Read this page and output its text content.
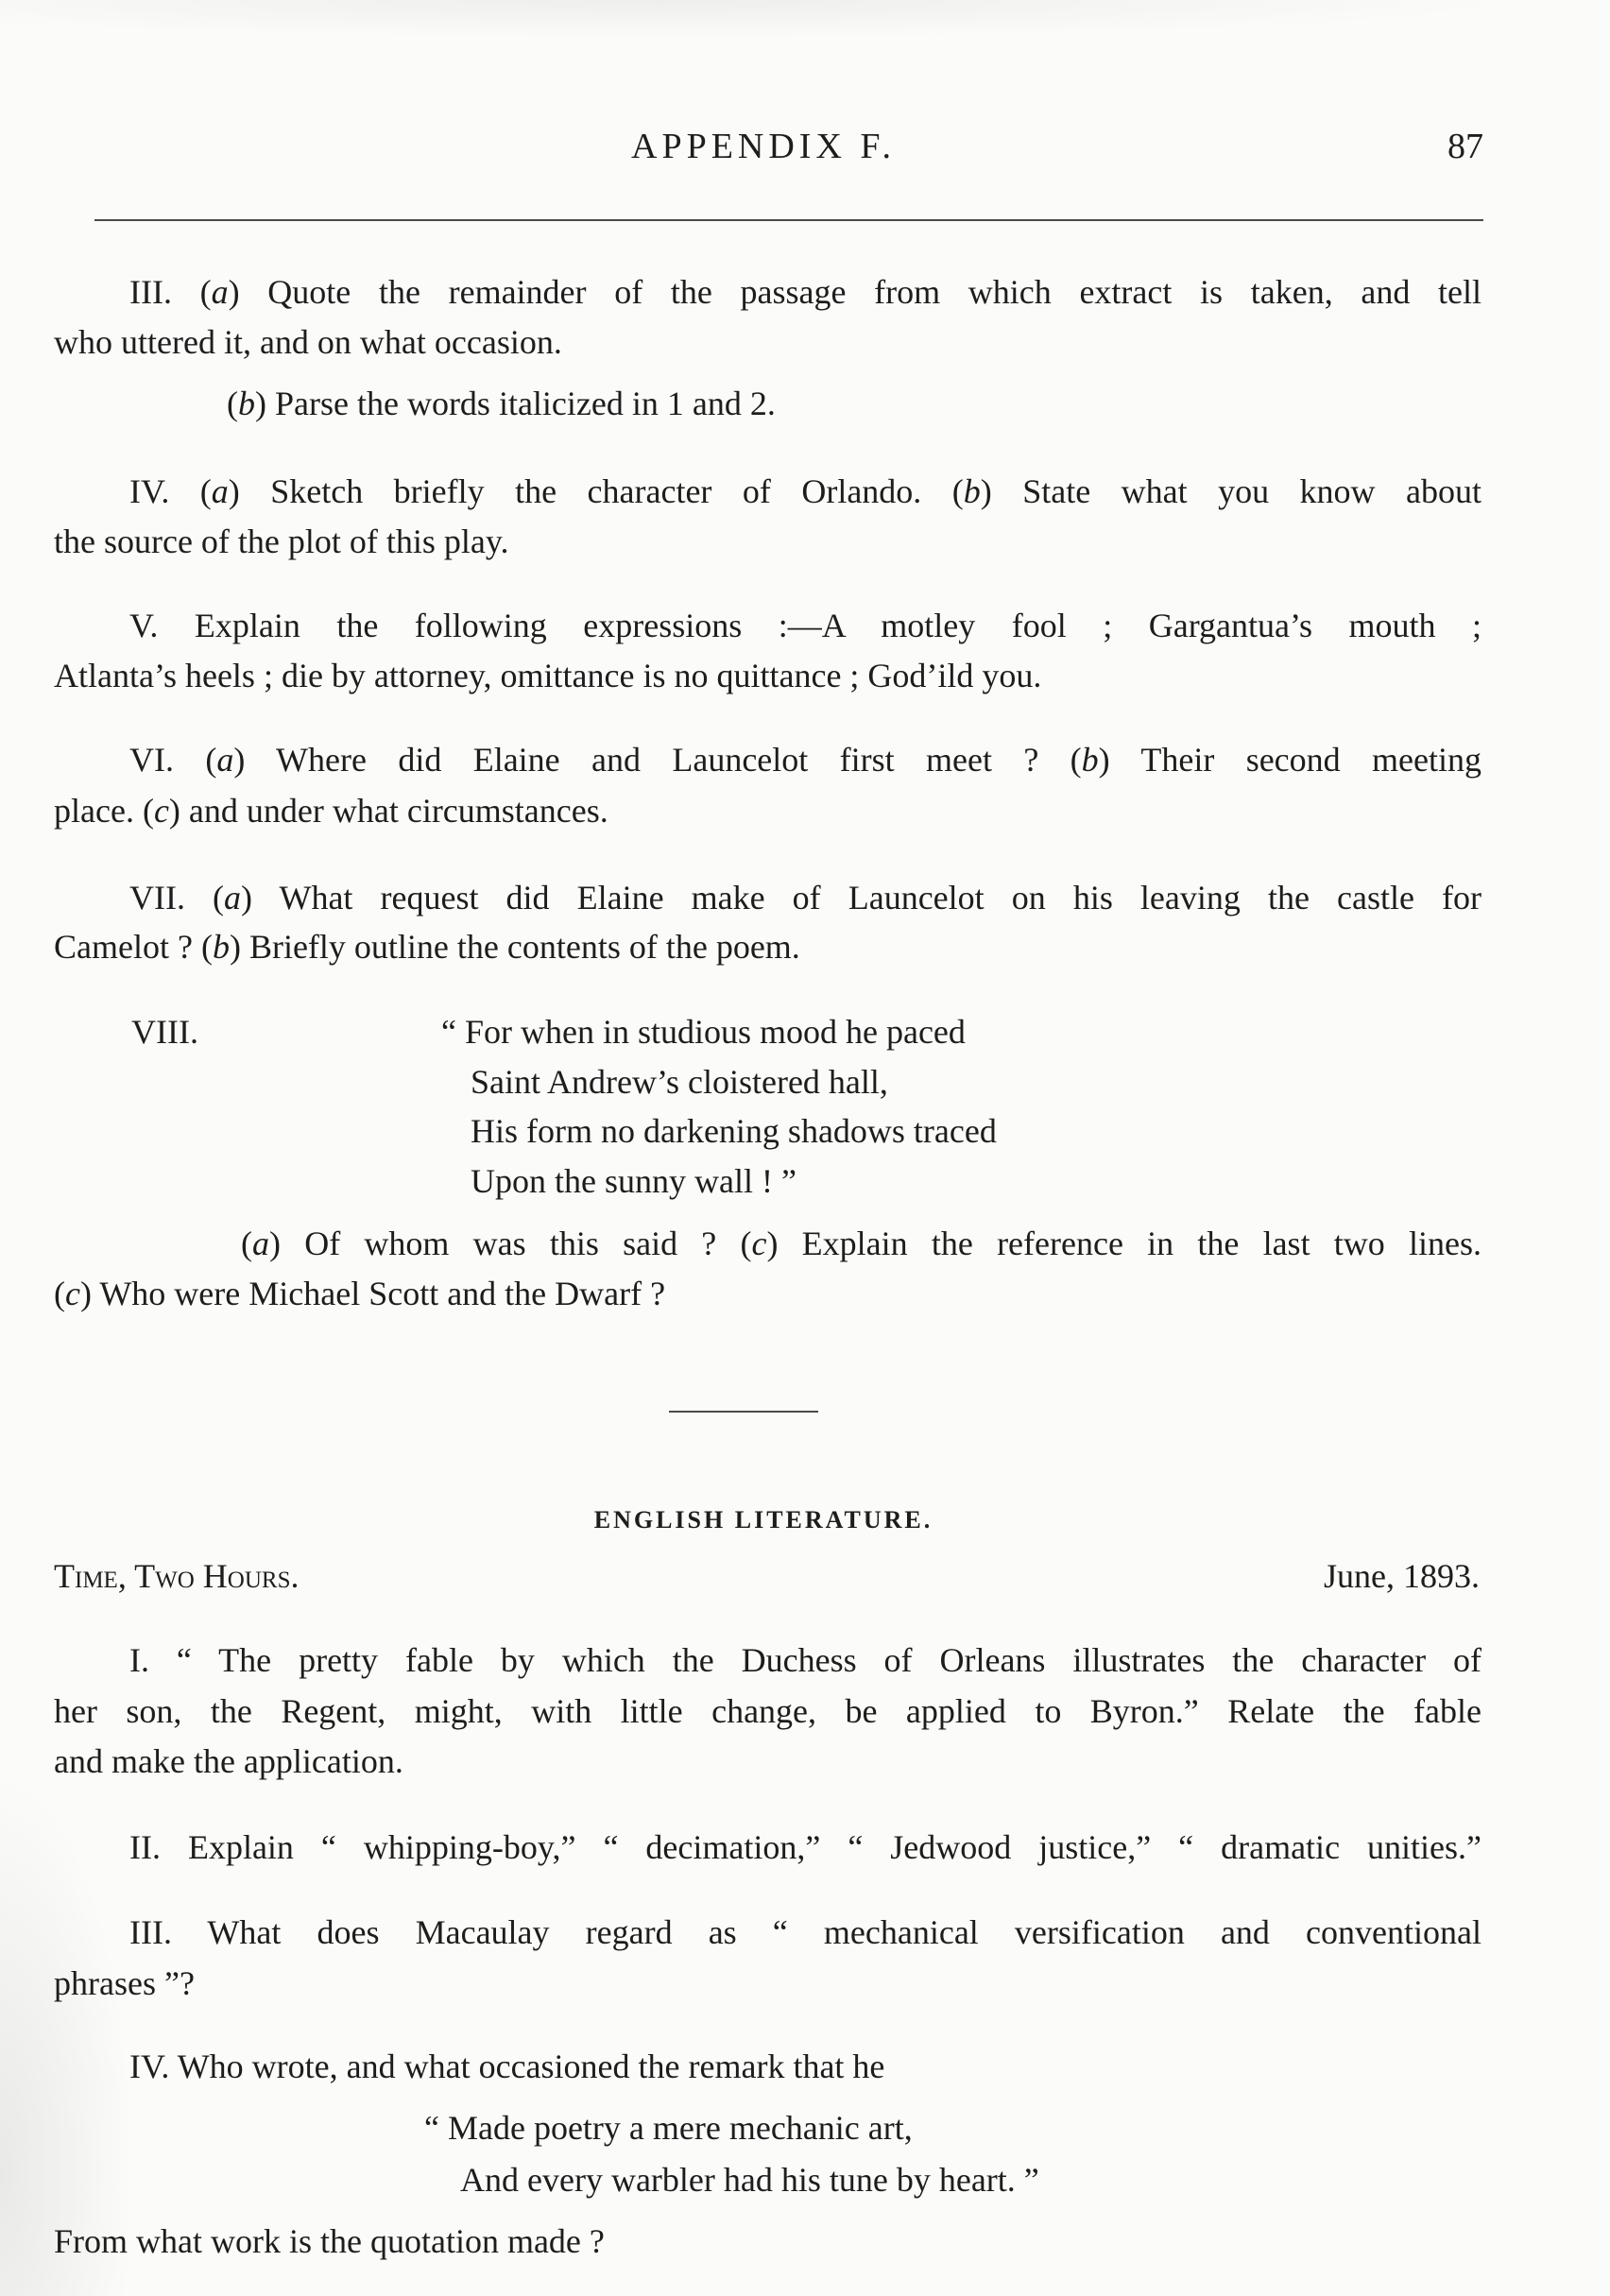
APPENDIX F.	87
III. (a) Quote the remainder of the passage from which extract is taken, and tell
who uttered it, and on what occasion.
(b) Parse the words italicized in 1 and 2.
IV. (a) Sketch briefly the character of Orlando. (b) State what you know about
the source of the plot of this play.
V. Explain the following expressions :—A motley fool ; Gargantua’s mouth ;
Atlanta’s heels ; die by attorney, omittance is no quittance ; God’ild you.
VI. (a) Where did Elaine and Launcelot first meet ? (b) Their second meeting
place. (c) and under what circumstances.
VII. (a) What request did Elaine make of Launcelot on his leaving the castle for
Camelot ? (b) Briefly outline the contents of the poem.
VIII.	“ For when in studious mood he paced
Saint Andrew’s cloistered hall,
His form no darkening shadows traced
Upon the sunny wall ! ”
(a) Of whom was this said ? (c) Explain the reference in the last two lines.
(c) Who were Michael Scott and the Dwarf ?
ENGLISH LITERATURE.
Time, Two Hours.	June, 1893.
I. “ The pretty fable by which the Duchess of Orleans illustrates the character of
her son, the Regent, might, with little change, be applied to Byron.” Relate the fable
and make the application.
II. Explain “ whipping-boy,” “ decimation,” “ Jedwood justice,” “ dramatic unities.”
III. What does Macaulay regard as “ mechanical versification and conventional
phrases ”?
IV. Who wrote, and what occasioned the remark that he
“ Made poetry a mere mechanic art,
And every warbler had his tune by heart. ”
From what work is the quotation made ?
